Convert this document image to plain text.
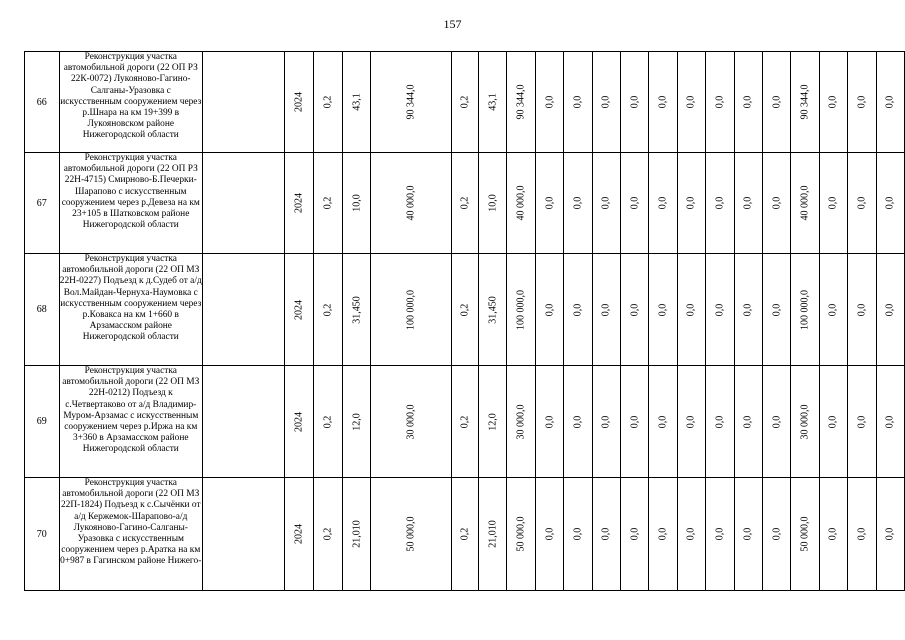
157
66	Реконструкция участка автомобильной дороги (22 ОП РЗ 22К-0072) Лукояново-Гагино-Салганы-Уразовка с искусственным сооружением через р.Шнара на км 19+399 в Лукояновском районе Нижегородской области		2024	0,2	43,1	90 344,0	0,2	43,1	90 344,0	0,0	0,0	0,0	0,0	0,0	0,0	0,0	0,0	0,0	90 344,0	0,0	0,0	0,0

67	Реконструкция участка автомобильной дороги (22 ОП РЗ 22Н-4715) Смирново-Б.Печерки-Шарапово с искусственным сооружением через р.Девеза на км 23+105 в Шатковском районе Нижегородской области		2024	0,2	10,0	40 000,0	0,2	10,0	40 000,0	0,0	0,0	0,0	0,0	0,0	0,0	0,0	0,0	0,0	40 000,0	0,0	0,0	0,0

68	Реконструкция участка автомобильной дороги (22 ОП МЗ 22Н-0227) Подъезд к д.Судеб от а/д Вол.Майдан-Чернуха-Наумовка с искусственным сооружением через р.Ковакса на км 1+660 в Арзамасском районе Нижегородской области		2024	0,2	31,450	100 000,0	0,2	31,450	100 000,0	0,0	0,0	0,0	0,0	0,0	0,0	0,0	0,0	0,0	100 000,0	0,0	0,0	0,0

69	Реконструкция участка автомобильной дороги (22 ОП МЗ 22Н-0212) Подъезд к с.Четвертаково от а/д Владимир-Муром-Арзамас с искусственным сооружением через р.Иржа на км 3+360 в Арзамасском районе Нижегородской области		2024	0,2	12,0	30 000,0	0,2	12,0	30 000,0	0,0	0,0	0,0	0,0	0,0	0,0	0,0	0,0	0,0	30 000,0	0,0	0,0	0,0

70	Реконструкция участка автомобильной дороги (22 ОП МЗ 22П-1824) Подъезд к с.Сычёнки от а/д Кержемок-Шарапово-а/д Лукояново-Гагино-Салганы-Уразовка с искусственным сооружением через р.Аратка на км 0+987 в Гагинском районе Нижего-		2024	0,2	21,010	50 000,0	0,2	21,010	50 000,0	0,0	0,0	0,0	0,0	0,0	0,0	0,0	0,0	0,0	50 000,0	0,0	0,0	0,0
